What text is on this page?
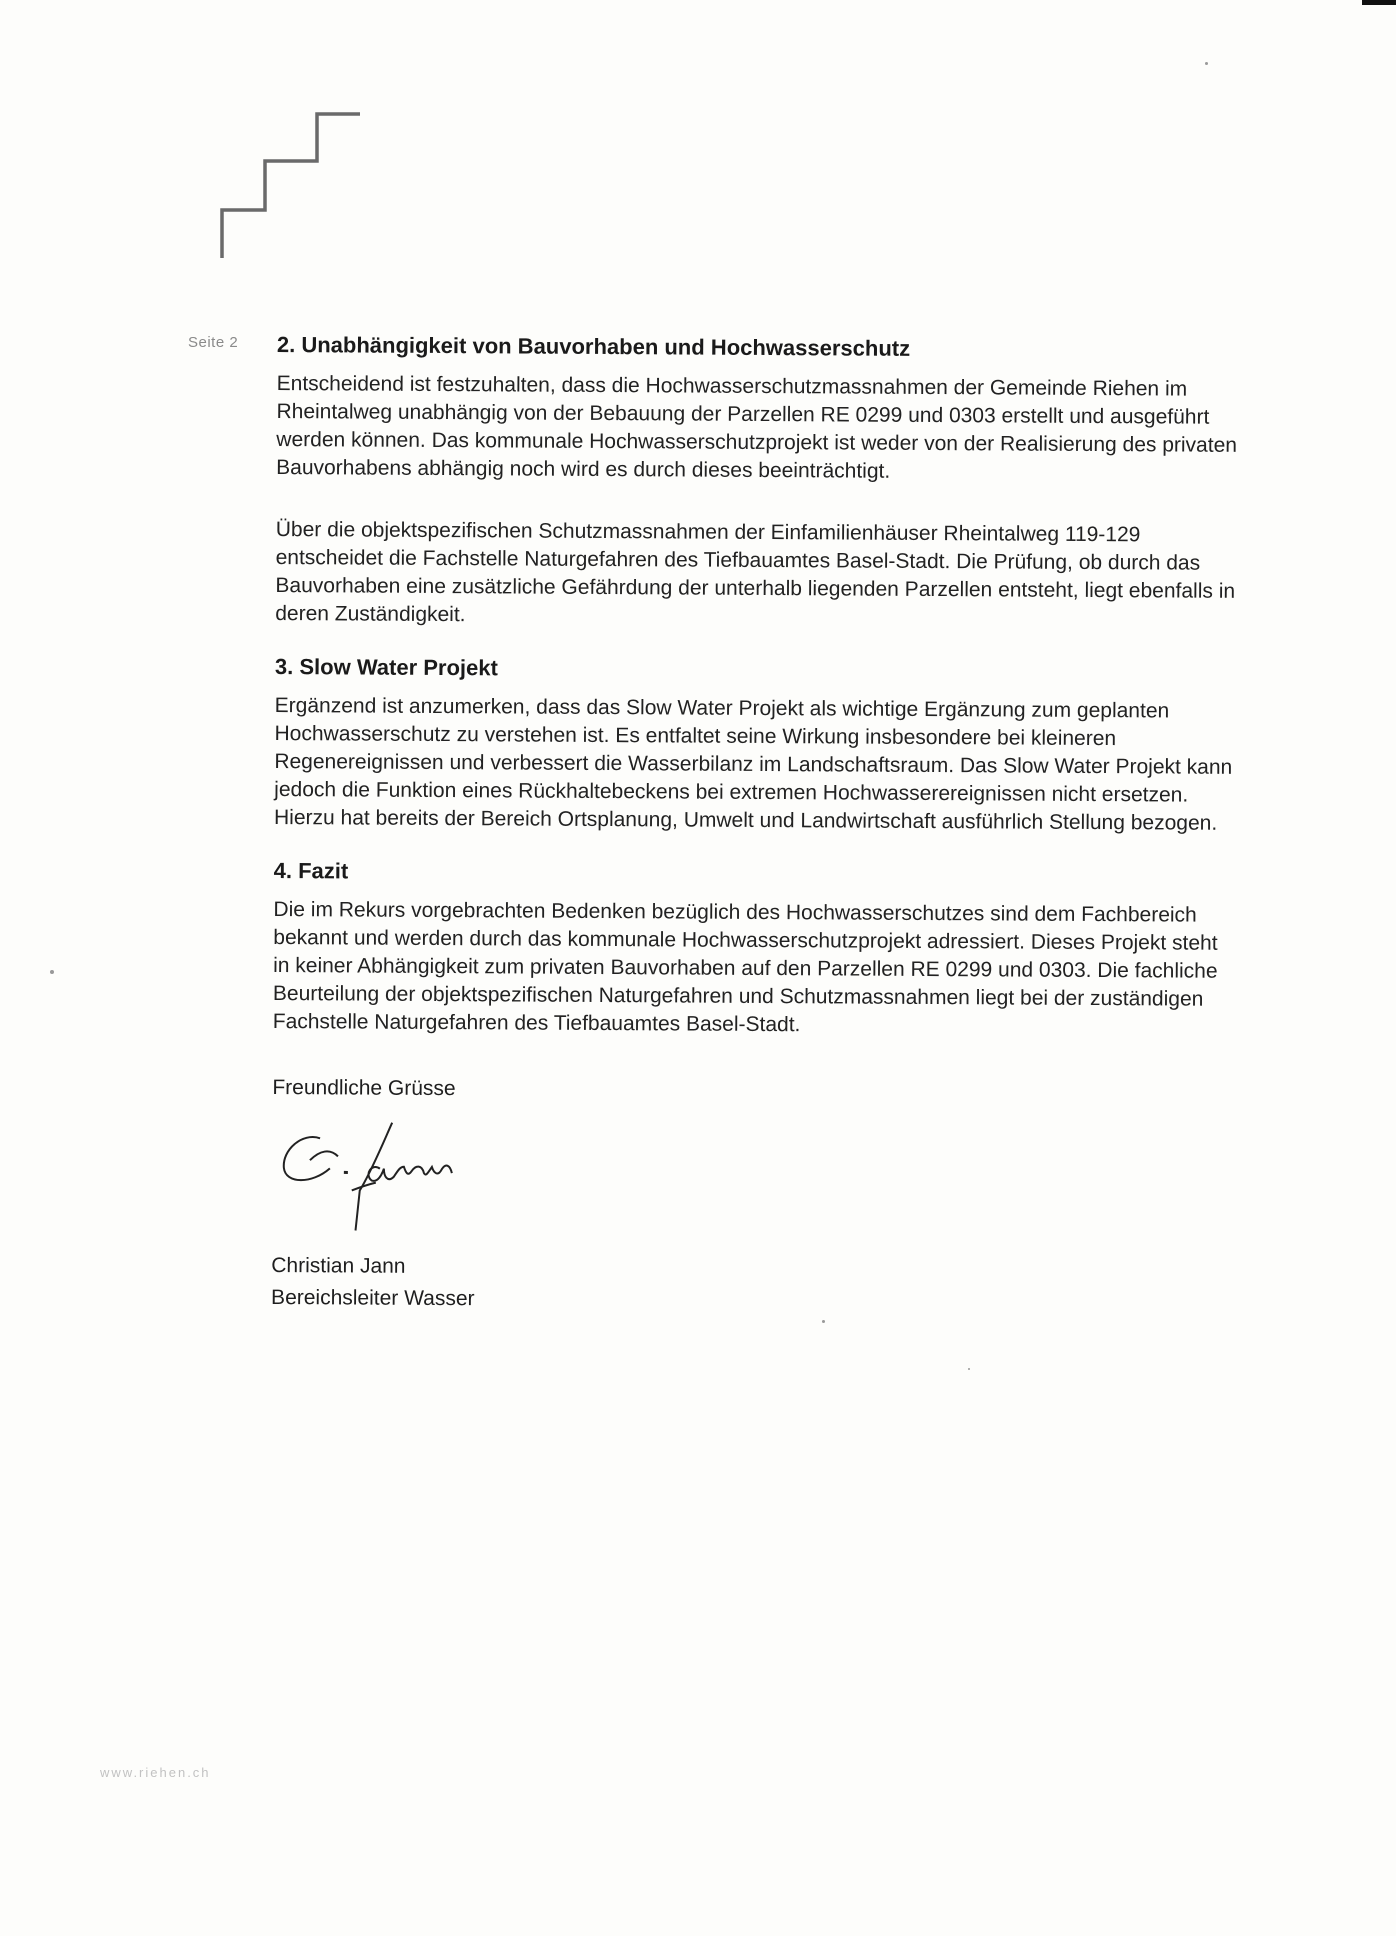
Seite 2 2. Unabhängigkeit von Bauvorhaben und Hochwasserschutz

Entscheidend ist festzuhalten, dass die Hochwasserschutzmassnahmen der Gemeinde Riehen im Rheintalweg unabhängig von der Bebauung der Parzellen RE 0299 und 0303 erstellt und ausgeführt werden können. Das kommunale Hochwasserschutzprojekt ist weder von der Realisierung des privaten Bauvorhabens abhängig noch wird es durch dieses beeinträchtigt.

Über die objektspezifischen Schutzmassnahmen der Einfamilienhäuser Rheintalweg 119-129 entscheidet die Fachstelle Naturgefahren des Tiefbauamtes Basel-Stadt. Die Prüfung, ob durch das Bauvorhaben eine zusätzliche Gefährdung der unterhalb liegenden Parzellen entsteht, liegt ebenfalls in deren Zuständigkeit.

3. Slow Water Projekt

Ergänzend ist anzumerken, dass das Slow Water Projekt als wichtige Ergänzung zum geplanten Hochwasserschutz zu verstehen ist. Es entfaltet seine Wirkung insbesondere bei kleineren Regenereignissen und verbessert die Wasserbilanz im Landschaftsraum. Das Slow Water Projekt kann jedoch die Funktion eines Rückhaltebeckens bei extremen Hochwasserereignissen nicht ersetzen. Hierzu hat bereits der Bereich Ortsplanung, Umwelt und Landwirtschaft ausführlich Stellung bezogen.

4. Fazit

Die im Rekurs vorgebrachten Bedenken bezüglich des Hochwasserschutzes sind dem Fachbereich bekannt und werden durch das kommunale Hochwasserschutzprojekt adressiert. Dieses Projekt steht in keiner Abhängigkeit zum privaten Bauvorhaben auf den Parzellen RE 0299 und 0303. Die fachliche Beurteilung der objektspezifischen Naturgefahren und Schutzmassnahmen liegt bei der zuständigen Fachstelle Naturgefahren des Tiefbauamtes Basel-Stadt.

Freundliche Grüsse
Christian Jann
Bereichsleiter Wasser
www.riehen.ch
